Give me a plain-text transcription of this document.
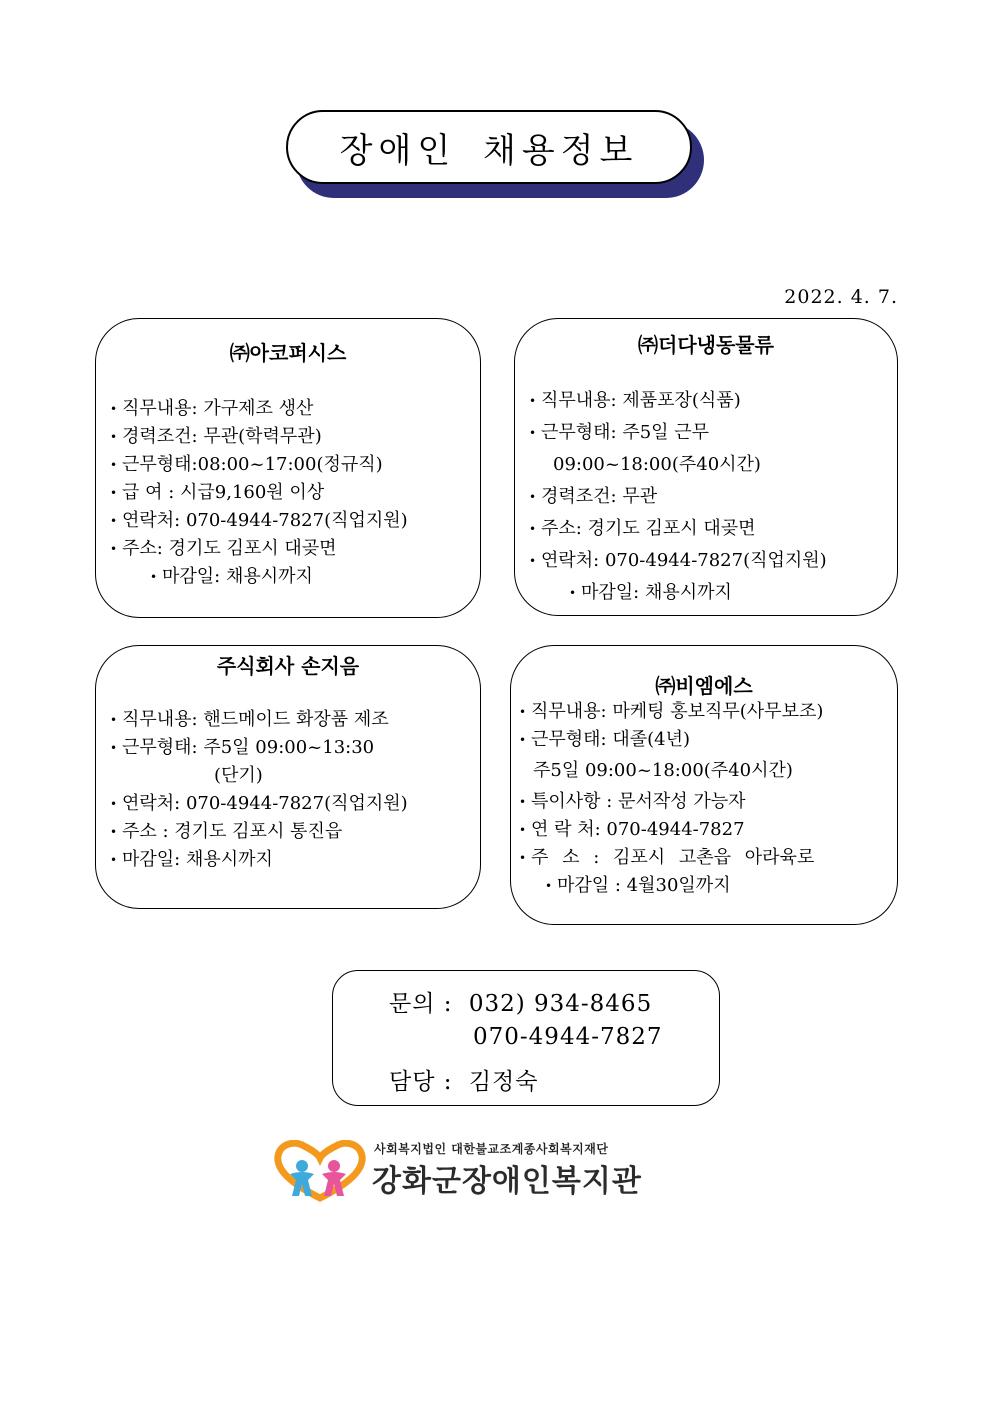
장애인 채용정보
2022. 4. 7.
㈜아코퍼시스
• 직무내용: 가구제조 생산
• 경력조건: 무관(학력무관)
• 근무형태:08:00~17:00(정규직)
• 급 여 : 시급9,160원 이상
• 연락처: 070-4944-7827(직업지원)
• 주소: 경기도 김포시 대곶면
• 마감일: 채용시까지
㈜더다냉동물류
• 직무내용: 제품포장(식품)
• 근무형태: 주5일 근무
09:00~18:00(주40시간)
• 경력조건: 무관
• 주소: 경기도 김포시 대곶면
• 연락처: 070-4944-7827(직업지원)
• 마감일: 채용시까지
주식회사 손지음
• 직무내용: 핸드메이드 화장품 제조
• 근무형태: 주5일 09:00~13:30
(단기)
• 연락처: 070-4944-7827(직업지원)
• 주소 : 경기도 김포시 통진읍
• 마감일: 채용시까지
㈜비엠에스
• 직무내용: 마케팅 홍보직무(사무보조)
• 근무형태: 대졸(4년)
주5일 09:00~18:00(주40시간)
• 특이사항 : 문서작성 가능자
• 연 락 처: 070-4944-7827
• 주 소 : 김포시 고촌읍 아라육로
• 마감일 : 4월30일까지
문의 : 032) 934-8465
070-4944-7827
담당 : 김정숙
사회복지법인 대한불교조계종사회복지재단
강화군장애인복지관
